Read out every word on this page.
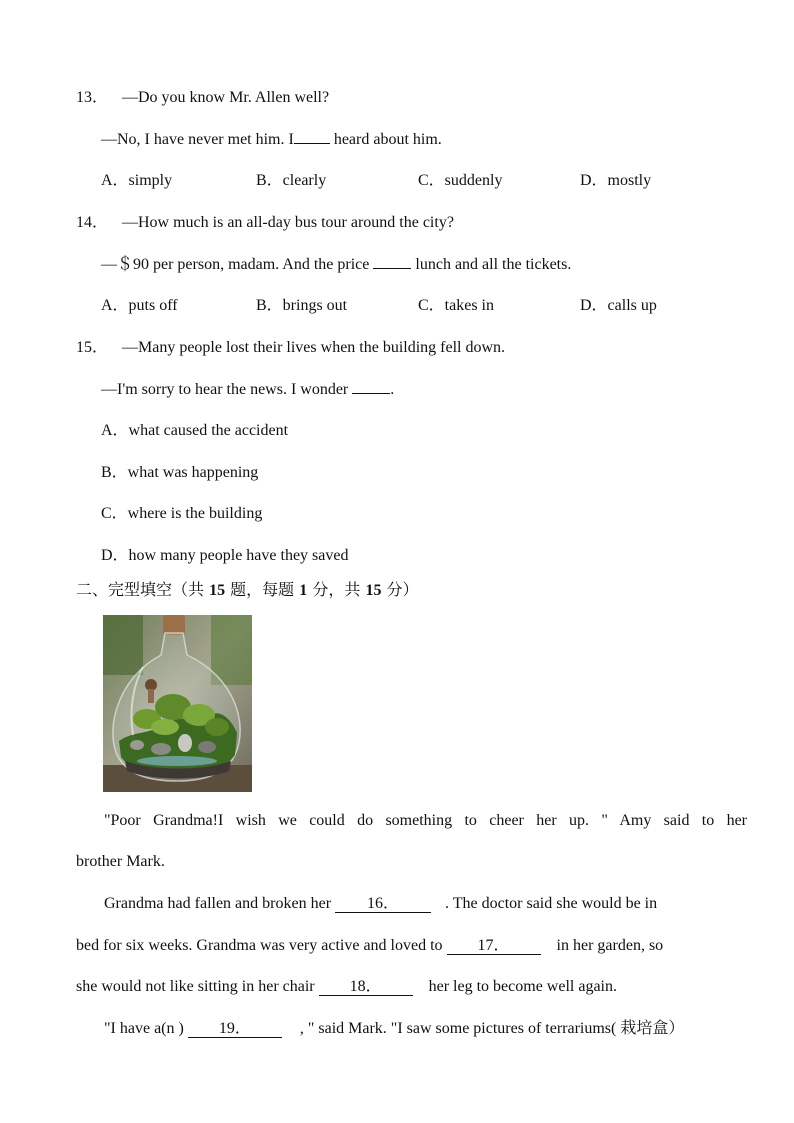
13． —Do you know Mr. Allen well?
—No, I have never met him. I heard about him.
A．simply	B．clearly	C．suddenly	D．mostly
14． —How much is an all-day bus tour around the city?
—＄90 per person, madam. And the price  lunch and all the tickets.
A．puts off	B．brings out	C．takes in	D．calls up
15． —Many people lost their lives when the building fell down.
—I'm sorry to hear the news. I wonder .
A．what caused the accident
B．what was happening
C．where is the building
D．how many people have they saved
二、完型填空（共 15 题，每题 1 分，共 15 分）
"Poor Grandma!I wish we could do something to cheer her up. " Amy said to her
brother Mark.
Grandma had fallen and broken her 16．	. The doctor said she would be in
bed for six weeks. Grandma was very active and loved to 17．	in her garden, so
she would not like sitting in her chair 18．	her leg to become well again.
"I have a(n ) 19．	, " said Mark. "I saw some pictures of terrariums( 栽培盒）
